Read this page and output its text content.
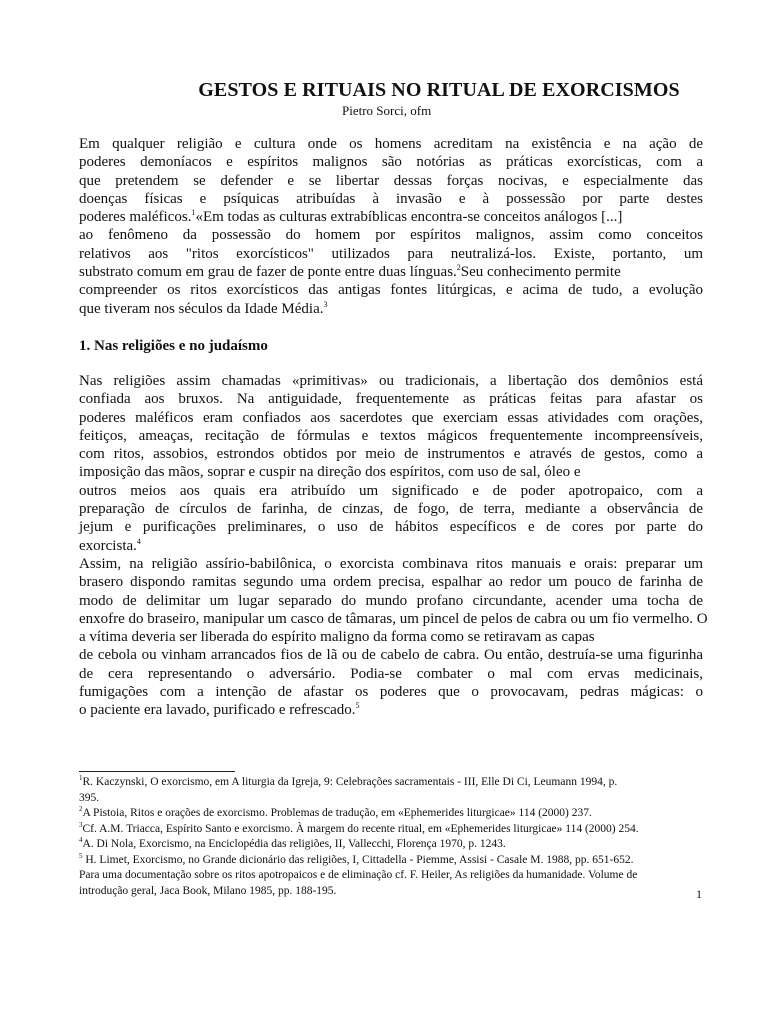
GESTOS E RITUAIS NO RITUAL DE EXORCISMOS
Pietro Sorci, ofm
Em qualquer religião e cultura onde os homens acreditam na existência e na ação de
poderes demoníacos e espíritos malignos são notórias as práticas exorcísticas, com a
que pretendem se defender e se libertar dessas forças nocivas, e especialmente das
doenças físicas e psíquicas atribuídas à invasão e à possessão por parte destes
poderes maléficos.$^1$«Em todas as culturas extrabíblicas encontra-se conceitos análogos [...]
ao fenômeno da possessão do homem por espíritos malignos, assim como conceitos
relativos aos "ritos exorcísticos" utilizados para neutralizá-los. Existe, portanto, um
substrato comum em grau de fazer de ponte entre duas línguas.$^2$Seu conhecimento permite
compreender os ritos exorcísticos das antigas fontes litúrgicas, e acima de tudo, a evolução
que tiveram nos séculos da Idade Média.$^3$
1. Nas religiões e no judaísmo
Nas religiões assim chamadas «primitivas» ou tradicionais, a libertação dos demônios está
confiada aos bruxos. Na antiguidade, frequentemente as práticas feitas para afastar os
poderes maléficos eram confiados aos sacerdotes que exerciam essas atividades com orações,
feitiços, ameaças, recitação de fórmulas e textos mágicos frequentemente incompreensíveis,
com ritos, assobios, estrondos obtidos por meio de instrumentos e através de gestos, como a
imposição das mãos, soprar e cuspir na direção dos espíritos, com uso de sal, óleo e
outros meios aos quais era atribuído um significado e de poder apotropaico, com a
preparação de círculos de farinha, de cinzas, de fogo, de terra, mediante a observância de
jejum e purificações preliminares, o uso de hábitos específicos e de cores por parte do
exorcista.$^4$
Assim, na religião assírio-babilônica, o exorcista combinava ritos manuais e orais: preparar um
brasero dispondo ramitas segundo uma ordem precisa, espalhar ao redor um pouco de farinha de
modo de delimitar um lugar separado do mundo profano circundante, acender uma tocha de
enxofre do braseiro, manipular um casco de tâmaras, um pincel de pelos de cabra ou um fio vermelho. O
a vítima deveria ser liberada do espírito maligno da forma como se retiravam as capas
de cebola ou vinham arrancados fios de lã ou de cabelo de cabra. Ou então, destruía-se uma figurinha
de cera representando o adversário. Podia-se combater o mal com ervas medicinais,
fumigações com a intenção de afastar os poderes que o provocavam, pedras mágicas: o
o paciente era lavado, purificado e refrescado.$^5$
$^1$R. Kaczynski, O exorcismo, em A liturgia da Igreja, 9: Celebrações sacramentais - III, Elle Di Ci, Leumann 1994, p.
395.
$^2$A Pistoia, Ritos e orações de exorcismo. Problemas de tradução, em «Ephemerides liturgicae» 114 (2000) 237.
$^3$Cf. A.M. Triacca, Espírito Santo e exorcismo. À margem do recente ritual, em «Ephemerides liturgicae» 114 (2000) 254.
$^4$A. Di Nola, Exorcismo, na Enciclopédia das religiões, II, Vallecchi, Florença 1970, p. 1243.
$^5$ H. Limet, Exorcismo, no Grande dicionário das religiões, I, Cittadella - Piemme, Assisi - Casale M. 1988, pp. 651-652.
Para uma documentação sobre os ritos apotropaicos e de eliminação cf. F. Heiler, As religiões da humanidade. Volume de
introdução geral, Jaca Book, Milano 1985, pp. 188-195.	1
